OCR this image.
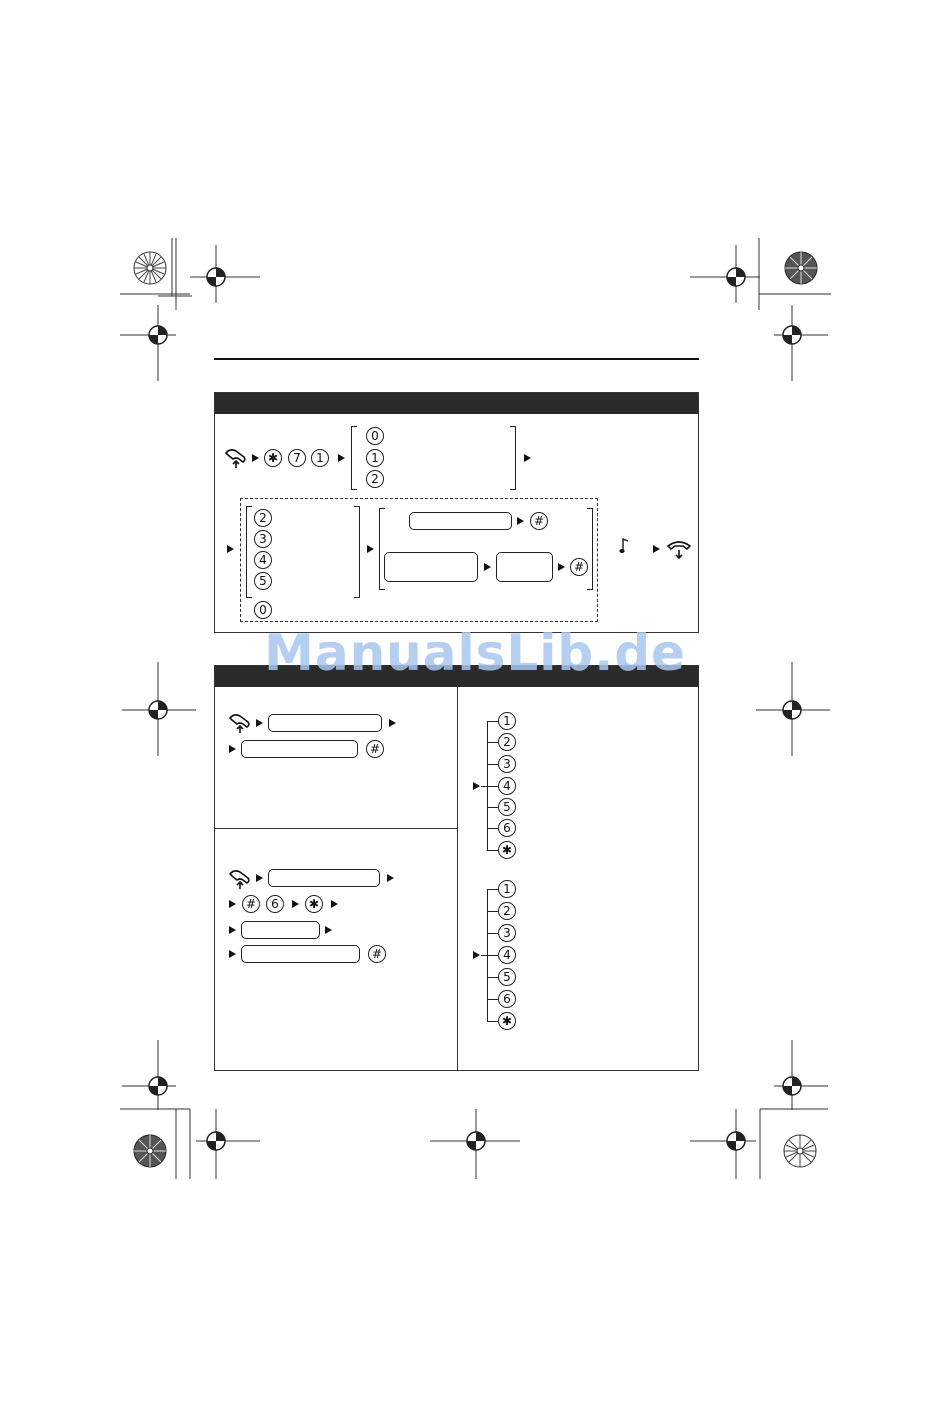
✱	7	1
0
1
2
2
3
4
5
0
#
#
#
#	6	✱
#
1
2
3
4
5
6
✱
1
2
3
4
5
6
✱
ManualsLib.de
